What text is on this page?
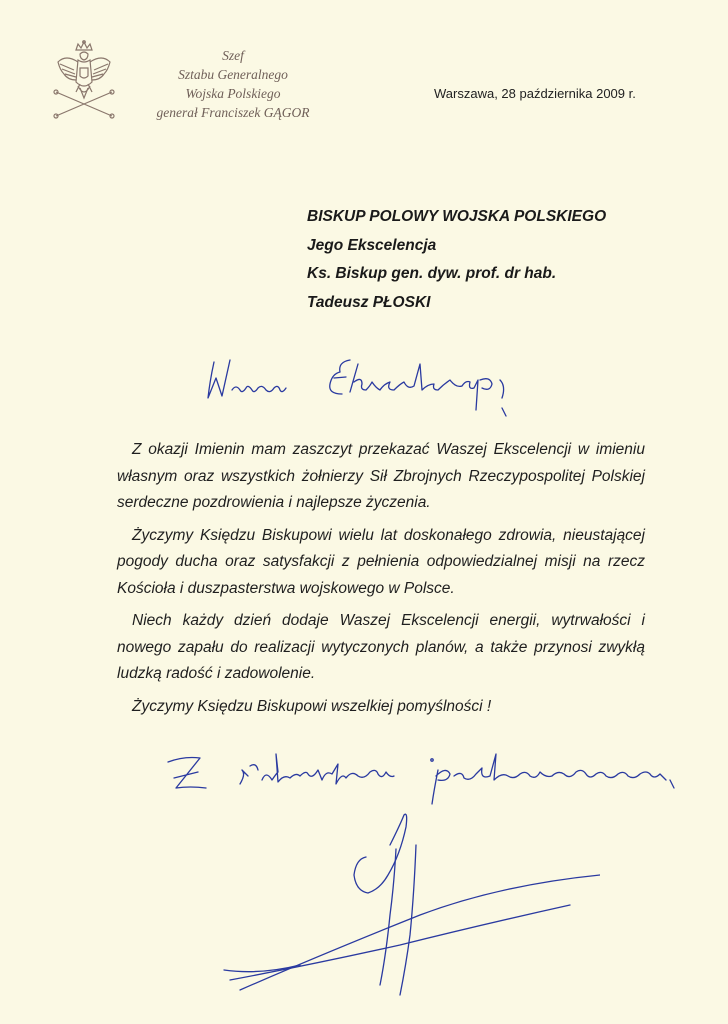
Szef
Sztabu Generalnego
Wojska Polskiego
generał Franciszek GĄGOR
Warszawa, 28 października 2009 r.
BISKUP POLOWY WOJSKA POLSKIEGO
Jego Ekscelencja
Ks. Biskup gen. dyw. prof. dr hab.
Tadeusz PŁOSKI

Z okazji Imienin mam zaszczyt przekazać Waszej Ekscelencji w imieniu własnym oraz wszystkich żołnierzy Sił Zbrojnych Rzeczypospolitej Polskiej serdeczne pozdrowienia i najlepsze życzenia.

Życzymy Księdzu Biskupowi wielu lat doskonałego zdrowia, nieustającej pogody ducha oraz satysfakcji z pełnienia odpowiedzialnej misji na rzecz Kościoła i duszpasterstwa wojskowego w Polsce.

Niech każdy dzień dodaje Waszej Ekscelencji energii, wytrwałości i nowego zapału do realizacji wytyczonych planów, a także przynosi zwykłą ludzką radość i zadowolenie.

Życzymy Księdzu Biskupowi wszelkiej pomyślności !
